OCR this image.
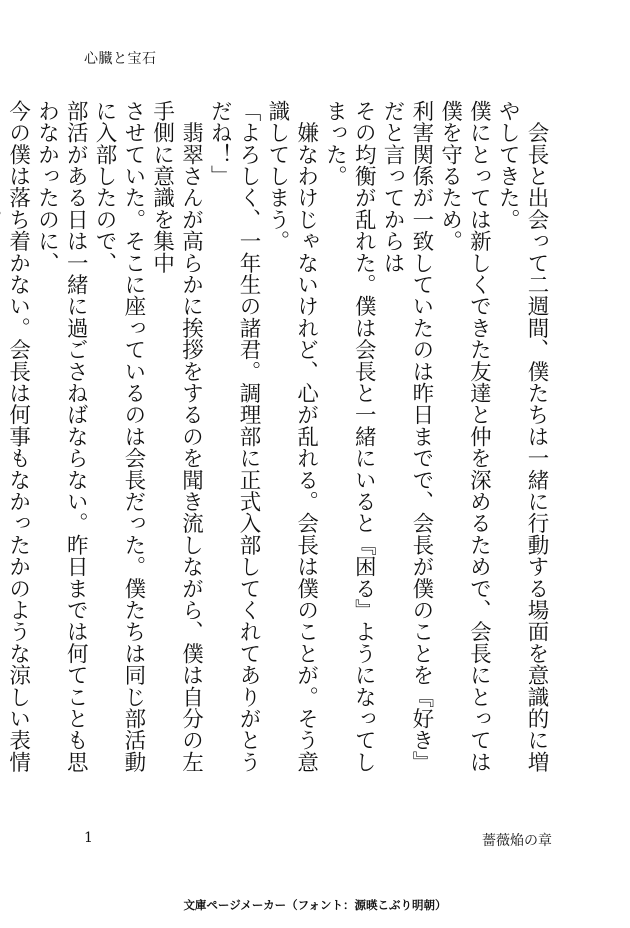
心臓と宝石

　会長と出会って二週間、僕たちは一緒に行動する場面を意識的に増やしてきた。

僕にとっては新しくできた友達と仲を深めるためで、会長にとっては僕を守るため。

利害関係が一致していたのは昨日までで、会長が僕のことを『好き』だと言ってからは

その均衡が乱れた。僕は会長と一緒にいると『困る』ようになってしまった。

　嫌なわけじゃないけれど、心が乱れる。会長は僕のことが。そう意識してしまう。

「よろしく、一年生の諸君。調理部に正式入部してくれてありがとうだね！」

　翡翠さんが高らかに挨拶をするのを聞き流しながら、僕は自分の左手側に意識を集中

させていた。そこに座っているのは会長だった。僕たちは同じ部活動に入部したので、

部活がある日は一緒に過ごさねばならない。昨日までは何てことも思わなかったのに、

今の僕は落ち着かない。会長は何事もなかったかのような涼しい表情

1	薔薇焔の章
文庫ページメーカー（フォント：源暎こぶり明朝）
